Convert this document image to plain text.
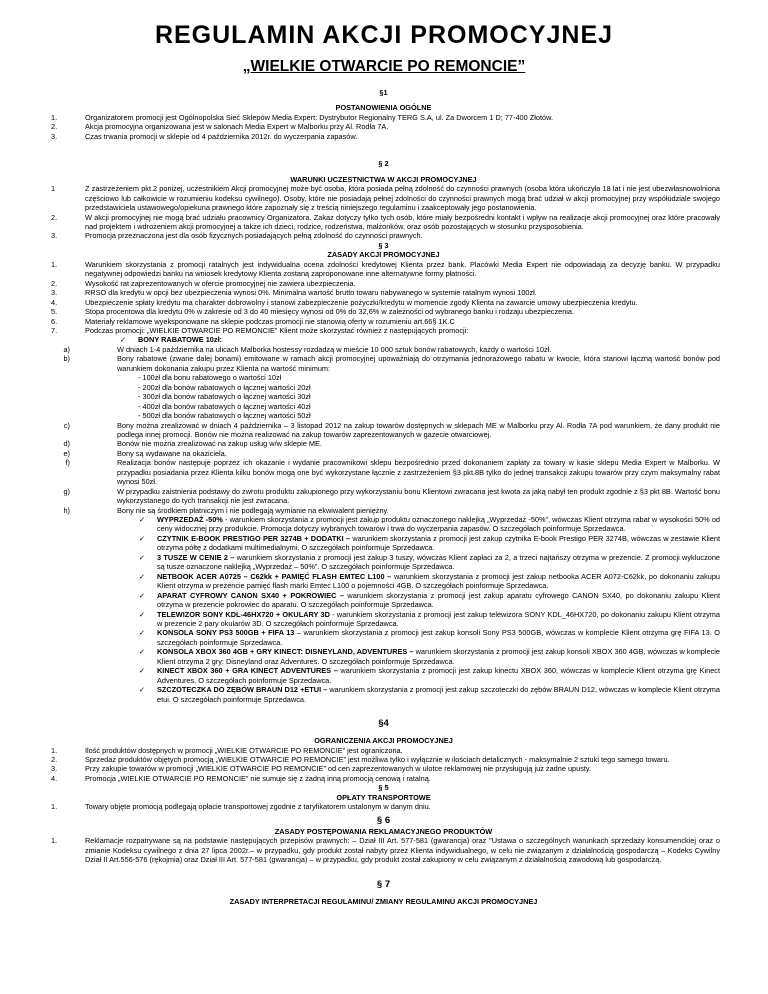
REGULAMIN AKCJI PROMOCYJNEJ
„WIELKIE OTWARCIE PO REMONCIE”
§1
POSTANOWIENIA OGÓLNE
1.	Organizatorem promocji jest Ogólnopolska Sieć Sklepów Media Expert: Dystrybutor Regionalny TERG S.A, ul. Za Dworcem 1 D; 77-400 Złotów.
2.	Akcja promocyjna organizowana jest w salonach Media Expert w Malborku przy Al. Rodła 7A.
3.	Czas trwania promocji w sklepie od 4 października 2012r. do wyczerpania zapasów.
§ 2
WARUNKI UCZESTNICTWA W AKCJI PROMOCYJNEJ
1	Z zastrzeżeniem pkt.2 poniżej, uczestnikiem Akcji promocyjnej może być osoba, która posiada pełną zdolność do czynności prawnych (osoba która ukończyła 18 lat i nie jest ubezwłasnowolniona częściowo lub całkowicie w rozumieniu kodeksu cywilnego). Osoby, które nie posiadają pełnej zdolności do czynności prawnych mogą brać udział w akcji promocyjnej przy współudziale swojego przedstawiciela ustawowego/opiekuna prawnego które zapoznały się z treścią niniejszego regulaminu i zaakceptowały jego postanowienia.
2.	W akcji promocyjnej nie mogą brać udziału pracownicy Organizatora. Zakaz dotyczy tylko tych osób, które miały bezpośredni kontakt i wpływ na realizacje akcji promocyjnej oraz które pracowały nad projektem i wdrożeniem akcji promocyjnej a także ich dzieci, rodzice, rodzeństwa, małżonków, oraz osób pozostających w stosunku przysposobienia.
3.	Promocja przeznaczona jest dla osób fizycznych posiadających pełną zdolność do czynności prawnych.
§ 3
ZASADY AKCJI PROMOCYJNEJ
1.	Warunkiem skorzystania z promocji ratalnych jest indywidualna ocena zdolności kredytowej Klienta przez bank. Placówki Media Expert nie odpowiadają za decyzję banku. W przypadku negatywnej odpowiedzi banku na wniosek kredytowy Klienta zostaną zaproponowane inne alternatywne formy płatności.
2.	Wysokość rat zaprezentowanych w ofercie promocyjnej nie zawiera ubezpieczenia.
3.	RRSO dla kredytu w opcji bez ubezpieczenia wynosi 0%. Minimalna wartość brutto towaru nabywanego w systemie ratalnym wynosi 100zł.
4.	Ubezpieczenie spłaty kredytu ma charakter dobrowolny i stanowi zabezpieczenie pożyczki/kredytu w momencie zgody Klienta na zawarcie umowy ubezpieczenia kredytu.
5.	Stopa procentowa dla kredytu 0% w zakresie od 3 do 40 miesięcy wynosi od 0% do 32,6% w zależności od wybranego banku i rodzaju ubezpieczenia.
6.	Materiały reklamowe wyeksponowane na sklepie podczas promocji nie stanowią oferty w rozumieniu art.66§ 1K.C
7.	Podczas promocji: „WIELKIE OTWARCIE PO REMONCIE” Klient może skorzystać również z następujących promocji:
✓	BONY RABATOWE 10zł:
a)	W dniach 1-4 października na ulicach Malborka hostessy rozdadzą w mieście 10 000 sztuk bonów rabatowych, każdy o wartości 10zł.
b)	Bony rabatowe (zwane dalej bonami) emitowane w ramach akcji promocyjnej upoważniają do otrzymania jednorazowego rabatu w kwocie, która stanowi łączną wartość bonów pod warunkiem dokonania zakupu przez Klienta na wartość minimum:
- 100zł dla bonu rabatowego o wartości 10zł
- 200zł dla bonów rabatowych o łącznej wartości 20zł
- 300zł dla bonów rabatowych o łącznej wartości 30zł
- 400zł dla bonów rabatowych o łącznej wartości 40zł
- 500zł dla bonów rabatowych o łącznej wartości 50zł
c)	Bony można zrealizować w dniach 4 października – 3 listopad 2012 na zakup towarów dostępnych w sklepach ME w Malborku przy Al. Rodła 7A pod warunkiem, że dany produkt nie podlega innej promocji. Bonów nie można realizować na zakup towarów zaprezentowanych w gazecie otwarciowej.
d)	Bonów nie można zrealizować na zakup usług w/w sklepie ME.
e)	Bony są wydawane na okaziciela.
f)	Realizacja bonów następuje poprzez ich okazanie i wydanie pracownikowi sklepu bezpośrednio przed dokonaniem zapłaty za towary w kasie sklepu Media Expert w Malborku. W przypadku posiadania przez Klienta kilku bonów mogą one być wykorzystane łącznie z zastrzeżeniem §3 pkt.8B tylko do jednej transakcji zakupu towarów przy czym maksymalny rabat wynosi 50zł.
g)	W przypadku zaistnienia podstawy do zwrotu produktu zakupionego przy wykorzystaniu bonu Klientowi zwracana jest kwota za jaką nabył ten produkt zgodnie z §3 pkt 8B. Wartość bonu wykorzystanego do tych transakcji nie jest zwracana.
h)	Bony nie są środkiem płatniczym i nie podlegają wymianie na ekwiwalent pieniężny.
✓	WYPRZEDAŻ -50% - warunkiem skorzystania z promocji jest zakup produktu oznaczonego naklejką „Wyprzedaż -50%”, wówczas Klient otrzyma rabat w wysokości 50% od ceny widocznej przy produkcie. Promocja dotyczy wybranych towarów i trwa do wyczerpania zapasów. O szczegółach poinformuje Sprzedawca.
✓	CZYTNIK E-BOOK PRESTIGO PER 3274B + DODATKI – warunkiem skorzystania z promocji jest zakup czytnika E-book Prestigo PER 3274B, wówczas w zestawie Klient otrzyma półtę z dodatkami multimedialnymi. O szczegółach poinformuje Sprzedawca.
✓	3 TUSZE W CENIE 2 – warunkiem skorzystania z promocji jest zakup 3 tuszy, wówczas Klient zapłaci za 2, a trzeci najtańszy otrzyma w prezencie. Z promocji wykluczone są tusze oznaczone naklejką „Wyprzedaż – 50%”. O szczegółach poinformuje Sprzedawca.
✓	NETBOOK ACER A0725 – C62kk + PAMIĘĆ FLASH EMTEC L100 – warunkiem skorzystania z promocji jest zakup netbooka ACER A072-C62kk, po dokonaniu zakupu Klient otrzyma w prezencie pamięć flash marki Emtec L100 o pojemności 4GB. O szczegółach poinformuje Sprzedawca.
✓	APARAT CYFROWY CANON SX40 + POKROWIEC – warunkiem skorzystania z promocji jest zakup aparatu cyfrowego CANON SX40, po dokonaniu zakupu Klient otrzyma w prezencie pokrowiec do aparatu. O szczegółach poinformuje Sprzedawca.
✓	TELEWIZOR SONY KDL-46HX720 + OKULARY 3D - warunkiem skorzystania z promocji jest zakup telewizora SONY KDL_46HX720, po dokonaniu zakupu Klient otrzyma w prezencie 2 pary okularów 3D. O szczegółach poinformuje Sprzedawca.
✓	KONSOLA SONY PS3 500GB + FIFA 13 – warunkiem skorzystania z promocji jest zakup konsoli Sony PS3 500GB, wówczas w komplecie Klient otrzyma grę FIFA 13. O szczegółach poinformuje Sprzedawca.
✓	KONSOLA XBOX 360 4GB + GRY KINECT: DISNEYLAND, ADVENTURES – warunkiem skorzystania z promocji jest zakup konsoli XBOX 360 4GB, wówczas w komplecie Klient otrzyma 2 gry: Disneyland oraz Adventures. O szczegółach poinformuje Sprzedawca.
✓	KINECT XBOX 360 + GRA KINECT ADVENTURES – warunkiem skorzystania z promocji jest zakup kinectu XBOX 360, wówczas w komplecie Klient otrzyma grę Kinect Adventures. O szczegółach poinformuje Sprzedawca.
✓	SZCZOTECZKA DO ZĘBÓW BRAUN D12 +ETUI – warunkiem skorzystania z promocji jest zakup szczoteczki do zębów BRAUN D12, wówczas w komplecie Klient otrzyma etui. O szczegółach poinformuje Sprzedawca.
§4
OGRANICZENIA AKCJI PROMOCYJNEJ
1.	Ilość produktów dostępnych w promocji „WIELKIE OTWARCIE PO REMONCIE” jest ograniczona.
2.	Sprzedaż produktów objętych promocją „WIELKIE OTWARCIE PO REMONCIE” jest możliwa tylko i wyłącznie w ilościach detalicznych - maksymalnie 2 sztuki tego samego towaru.
3.	Przy zakupie towarów w promocji „WIELKIE OTWARCIE PO REMONCIE” od cen zaprezentowanych w ulotce reklamowej nie przysługują już żadne upusty.
4.	Promocja „WIELKIE OTWARCIE PO REMONCIE” nie sumuje się z żadną inną promocją cenową i ratalną.
§ 5
OPŁATY TRANSPORTOWE
1.	Towary objęte promocją podlegają opłacie transportowej zgodnie z taryfikatorem ustalonym w danym dniu.
§ 6
ZASADY POSTĘPOWANIA REKLAMACYJNEGO PRODUKTÓW
1.	Reklamacje rozpatrywane są na podstawie następujących przepisów prawnych: – Dział III Art. 577-581 (gwarancja) oraz "Ustawa o szczególnych warunkach sprzedaży konsumenckiej oraz o zmianie Kodeksu cywilnego z dnia 27 lipca 2002r.– w przypadku, gdy produkt został nabyty przez Klienta indywidualnego, w celu nie związanym z działalnością gospodarczą – Kodeks Cywilny Dział II Art.556-576 (rękojmia) oraz Dział III Art. 577-581 (gwarancja) – w przypadku, gdy produkt został zakupiony w celu związanym z działalnością zawodową lub gospodarczą.
§ 7
ZASADY INTERPRETACJI REGULAMINU/ ZMIANY REGULAMINU AKCJI PROMOCYJNEJ
